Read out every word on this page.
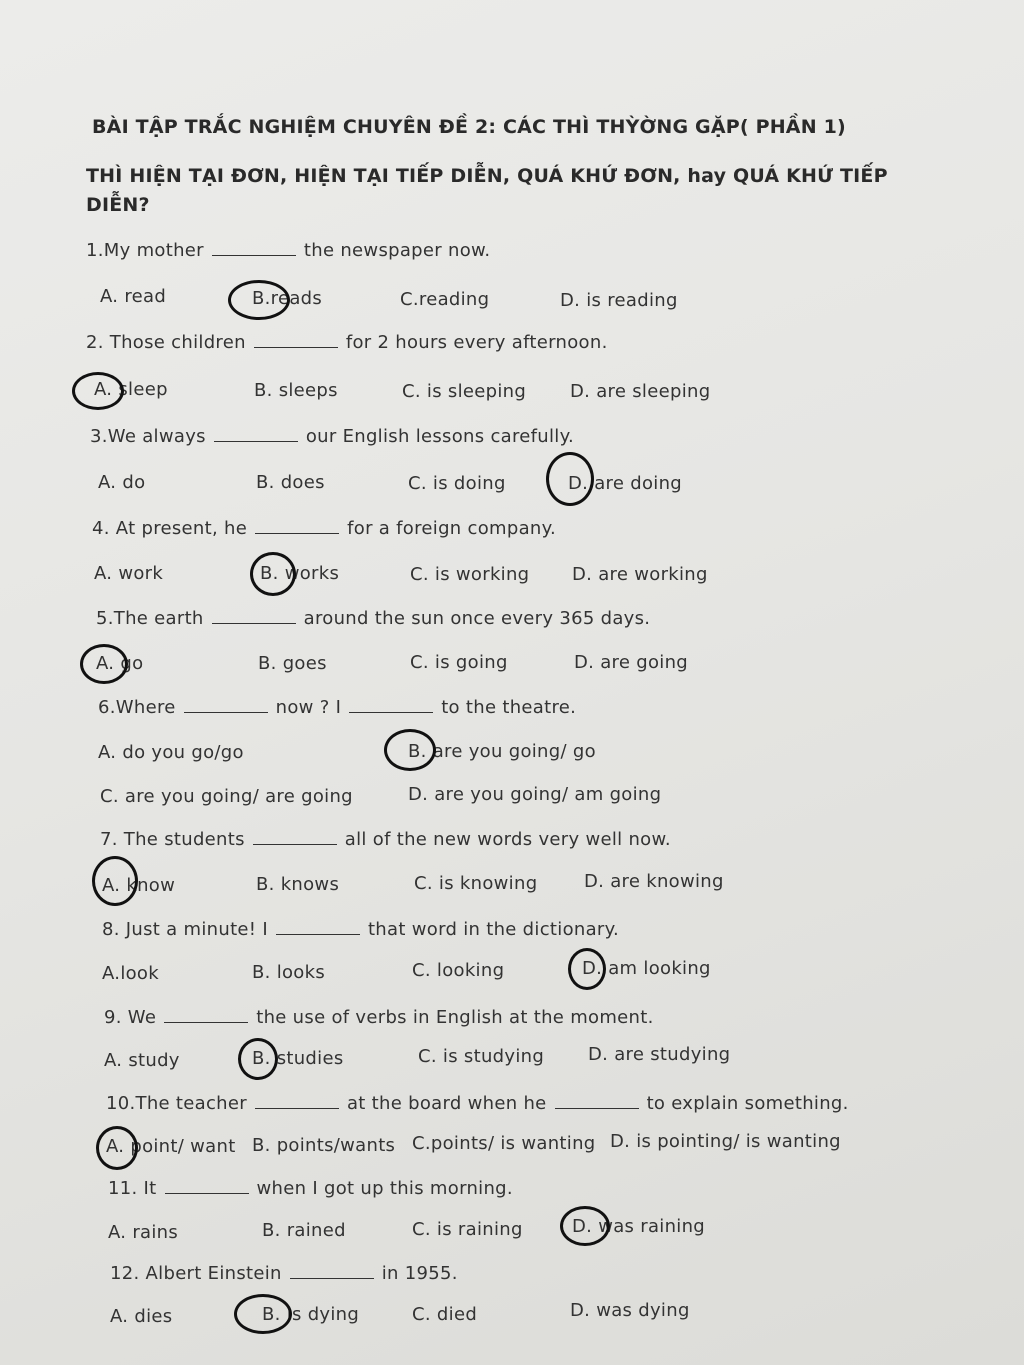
BÀI TẬP TRẮC NGHIỆM CHUYÊN ĐỀ 2: CÁC THÌ THỲỜNG GẶP( PHẦN 1)
THÌ HIỆN TẠI ĐƠN, HIỆN TẠI TIẾP DIỄN, QUÁ KHỨ ĐƠN, hay QUÁ KHỨ TIẾP DIỄN?
1.My mother	the newspaper now.
A. read	B.reads	C.reading	D. is reading
2. Those children	for 2 hours every afternoon.
A. sleep	B. sleeps	C. is sleeping D. are sleeping
3.We always	our English lessons carefully.
A. do	B. does	C. is doing	D. are doing
4. At present, he	for a foreign company.
A. work	B. works	C. is working D. are working
5.The earth	around the sun once every 365 days.
A. go	B. goes	C. is going	D. are going
6.Where	now ? I	to the theatre.
A. do you go/go	B. are you going/ go
C. are you going/ are going	D. are you going/ am going
7. The students	all of the new words very well now.
A. know	B. knows	C. is knowing	D. are knowing
8. Just a minute! I	that word in the dictionary.
A.look	B. looks	C. looking	D. am looking
9. We	the use of verbs in English at the moment.
A. study	B. studies	C. is studying D. are studying
10.The teacher	at the board when he	to explain something.
A. point/ want B. points/wants C.points/ is wanting D. is pointing/ is wanting
11. It	when I got up this morning.
A. rains	B. rained	C. is raining	D. was raining
12. Albert Einstein	in 1955.
A. dies	B. is dying	C. died	D. was dying
